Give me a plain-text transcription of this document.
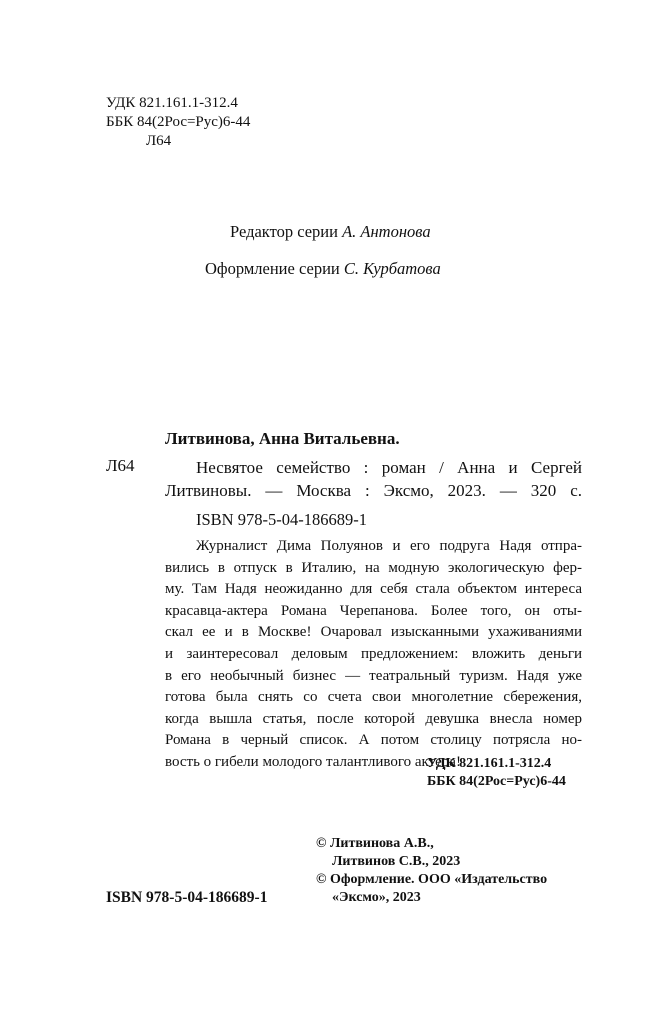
УДК 821.161.1-312.4
ББК 84(2Рос=Рус)6-44
Л64
Редактор серии А. Антонова
Оформление серии С. Курбатова
Литвинова, Анна Витальевна.
Л64	Несвятое семейство : роман / Анна и Сергей
Литвиновы. — Москва : Эксмо, 2023. — 320 с.
ISBN 978-5-04-186689-1
Журналист Дима Полуянов и его подруга Надя отпра-
вились в отпуск в Италию, на модную экологическую фер-
му. Там Надя неожиданно для себя стала объектом интереса
красавца-актера Романа Черепанова. Более того, он оты-
скал ее и в Москве! Очаровал изысканными ухаживаниями
и заинтересовал деловым предложением: вложить деньги
в его необычный бизнес — театральный туризм. Надя уже
готова была снять со счета свои многолетние сбережения,
когда вышла статья, после которой девушка внесла номер
Романа в черный список. А потом столицу потрясла но-
вость о гибели молодого талантливого актера!
УДК 821.161.1-312.4
ББК 84(2Рос=Рус)6-44
© Литвинова А.В.,
Литвинов С.В., 2023
© Оформление. ООО «Издательство
«Эксмо», 2023
ISBN 978-5-04-186689-1
